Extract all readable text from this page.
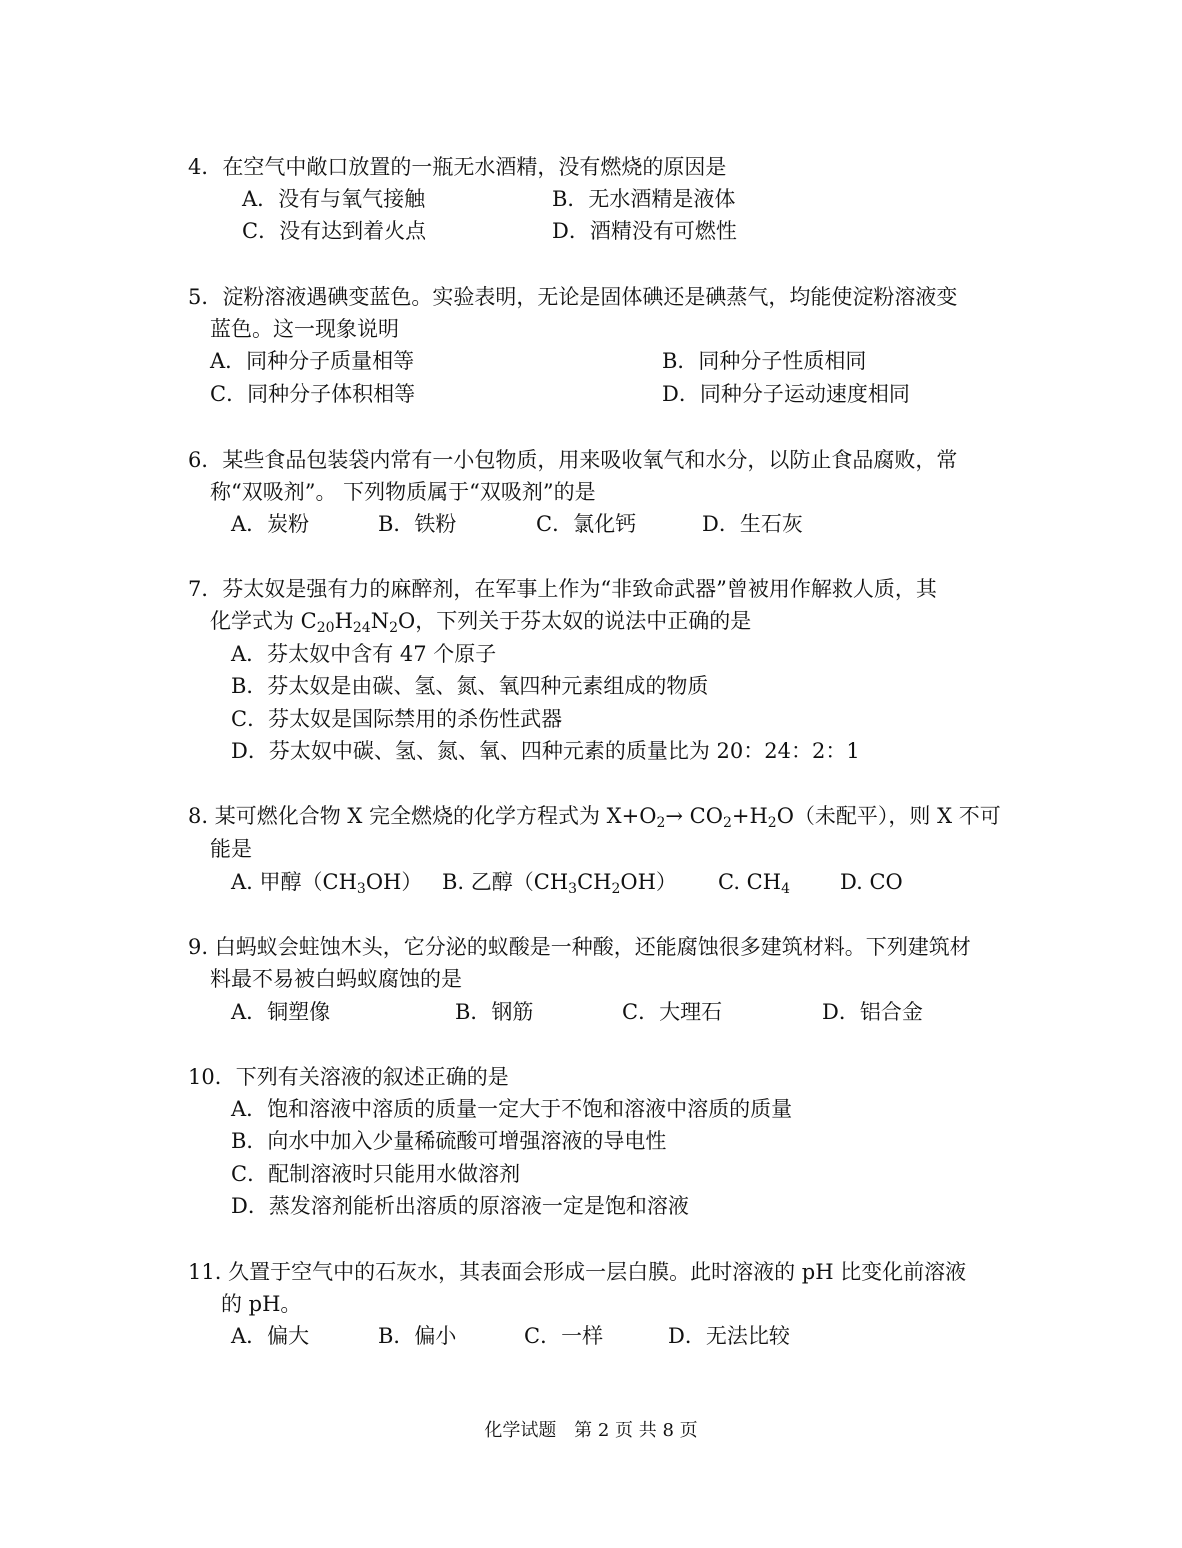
4．在空气中敞口放置的一瓶无水酒精，没有燃烧的原因是
A．没有与氧气接触	B．无水酒精是液体
C．没有达到着火点	D．酒精没有可燃性
5．淀粉溶液遇碘变蓝色。实验表明，无论是固体碘还是碘蒸气，均能使淀粉溶液变
蓝色。这一现象说明
A．同种分子质量相等	B．同种分子性质相同
C．同种分子体积相等	D．同种分子运动速度相同
6．某些食品包装袋内常有一小包物质，用来吸收氧气和水分，以防止食品腐败，常
称“双吸剂”。 下列物质属于“双吸剂”的是
A．炭粉	B．铁粉	C．氯化钙	D．生石灰
7．芬太奴是强有力的麻醉剂，在军事上作为“非致命武器”曾被用作解救人质，其
化学式为 $C_{20}H_{24}N_2O$，下列关于芬太奴的说法中正确的是
A．芬太奴中含有 47 个原子
B．芬太奴是由碳、氢、氮、氧四种元素组成的物质
C．芬太奴是国际禁用的杀伤性武器
D．芬太奴中碳、氢、氮、氧、四种元素的质量比为 20：24：2：1
8. 某可燃化合物 X 完全燃烧的化学方程式为 $X+O_2\to CO_2+H_2O$（未配平），则 X 不可
能是
A. 甲醇$(CH_3OH)$ B. 乙醇$(CH_3CH_2OH)$ C. $CH_4$ D. CO
9. 白蚂蚁会蛀蚀木头，它分泌的蚁酸是一种酸，还能腐蚀很多建筑材料。下列建筑材
料最不易被白蚂蚁腐蚀的是
A．铜塑像	B．钢筋	C．大理石	D．铝合金
10．下列有关溶液的叙述正确的是
A．饱和溶液中溶质的质量一定大于不饱和溶液中溶质的质量
B．向水中加入少量稀硫酸可增强溶液的导电性
C．配制溶液时只能用水做溶剂
D．蒸发溶剂能析出溶质的原溶液一定是饱和溶液
11. 久置于空气中的石灰水，其表面会形成一层白膜。此时溶液的 pH 比变化前溶液
的 pH。
A．偏大	B．偏小	C．一样	D．无法比较
化学试题 第 2 页 共 8 页
